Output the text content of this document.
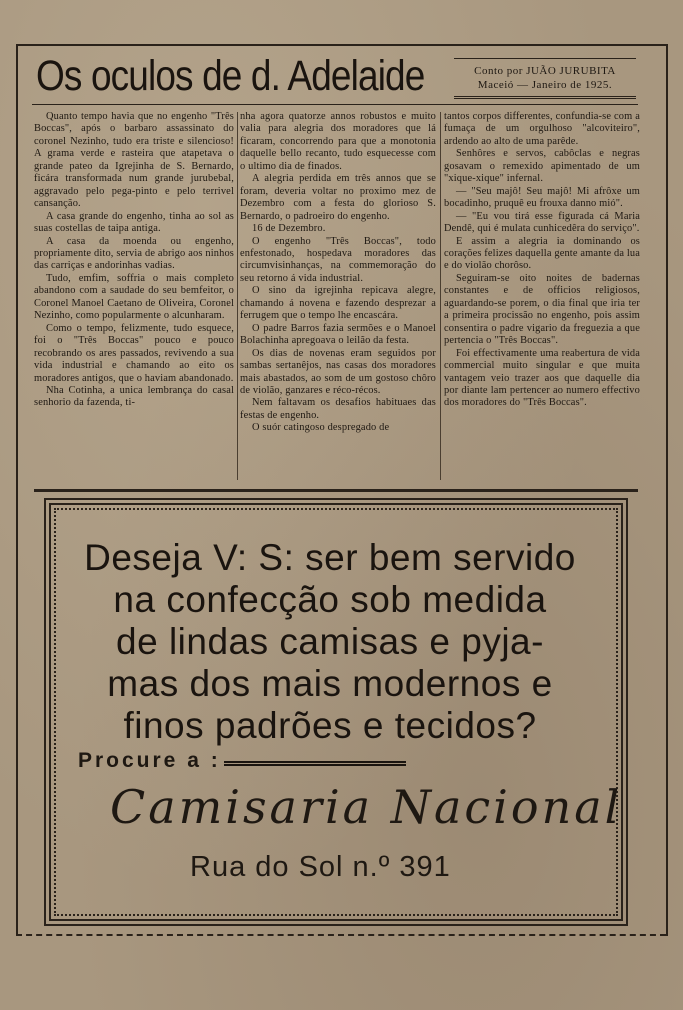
Os oculos de d. Adelaide	Conto por JUÃO JURUBITA
Maceió — Janeiro de 1925.

Quanto tempo havia que no engenho "Três Boccas", após o barbaro assassinato do coronel Nezinho, tudo era triste e silencioso! A grama verde e rasteira que atapetava o grande pateo da Igrejinha de S. Bernardo, ficára transformada num grande jurubebal, aggravado pelo pega-pinto e pelo terrivel cansanção.

A casa grande do engenho, tinha ao sol as suas costellas de taipa antiga.

A casa da moenda ou engenho, propriamente dito, servia de abrigo aos ninhos das carriças e andorinhas vadias.

Tudo, emfim, soffria o mais completo abandono com a saudade do seu bemfeitor, o Coronel Manoel Caetano de Oliveira, Coronel Nezinho, como popularmente o alcunharam.

Como o tempo, felizmente, tudo esquece, foi o "Três Boccas" pouco e pouco recobrando os ares passados, revivendo a sua vida industrial e chamando ao eito os moradores antigos, que o haviam abandonado.

Nha Cotinha, a unica lembrança do casal senhorio da fazenda, ti-

nha agora quatorze annos robustos e muito valia para alegria dos moradores que lá ficaram, concorrendo para que a monotonia daquelle bello recanto, tudo esquecesse com o ultimo dia de finados.

A alegria perdida em três annos que se foram, deveria voltar no proximo mez de Dezembro com a festa do glorioso S. Bernardo, o padroeiro do engenho.

16 de Dezembro.

O engenho "Três Boccas", todo enfestonado, hospedava moradores das circumvisinhanças, na commemoração do seu retorno á vida industrial.

O sino da igrejinha repicava alegre, chamando á novena e fazendo desprezar a ferrugem que o tempo lhe encascára.

O padre Barros fazia sermões e o Manoel Bolachinha apregoava o leilão da festa.

Os dias de novenas eram seguidos por sambas sertanêjos, nas casas dos moradores mais abastados, ao som de um gostoso chôro de violão, ganzares e réco-récos.

Nem faltavam os desafios habituaes das festas de engenho.

O suór catingoso despregado de

tantos corpos differentes, confundia-se com a fumaça de um orgulhoso "alcoviteiro", ardendo ao alto de uma parêde.

Senhôres e servos, cabôclas e negras gosavam o remexido apimentado de um "xique-xique" infernal.

— "Seu majô! Seu majô! Mi afrôxe um bocadinho, pruquê eu frouxa danno mió".

— "Eu vou tirá esse figurada cá Maria Dendê, qui é mulata cunhicedêra do serviço".

E assim a alegria ia dominando os corações felizes daquella gente amante da lua e do violão chorôso.

Seguiram-se oito noites de badernas constantes e de officios religiosos, aguardando-se porem, o dia final que iria ter a primeira procissão no engenho, pois assim consentira o padre vigario da freguezia a que pertencia o "Três Boccas".

Foi effectivamente uma reabertura de vida commercial muito singular e que muita vantagem veio trazer aos que daquelle dia por diante lam pertencer ao numero effectivo dos moradores do "Três Boccas".

Deseja V: S: ser bem servido
na confecção sob medida
de lindas camisas e pyja-
mas dos mais modernos e
finos padrões e tecidos?
Procure a :
Camisaria Nacional
Rua do Sol n.º 391
